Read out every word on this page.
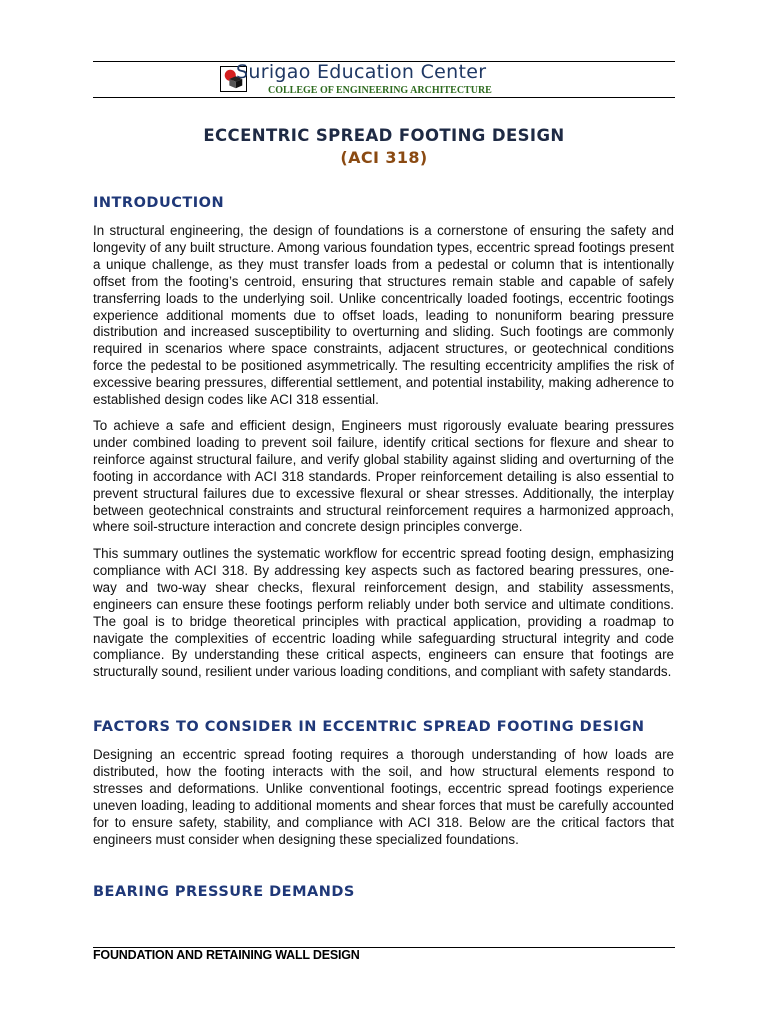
Surigao Education Center
COLLEGE OF ENGINEERING ARCHITECTURE
ECCENTRIC SPREAD FOOTING DESIGN
(ACI 318)
INTRODUCTION

In structural engineering, the design of foundations is a cornerstone of ensuring the safety and longevity of any built structure. Among various foundation types, eccentric spread footings present a unique challenge, as they must transfer loads from a pedestal or column that is intentionally offset from the footing’s centroid, ensuring that structures remain stable and capable of safely transferring loads to the underlying soil. Unlike concentrically loaded footings, eccentric footings experience additional moments due to offset loads, leading to nonuniform bearing pressure distribution and increased susceptibility to overturning and sliding. Such footings are commonly required in scenarios where space constraints, adjacent structures, or geotechnical conditions force the pedestal to be positioned asymmetrically. The resulting eccentricity amplifies the risk of excessive bearing pressures, differential settlement, and potential instability, making adherence to established design codes like ACI 318 essential.

To achieve a safe and efficient design, Engineers must rigorously evaluate bearing pressures under combined loading to prevent soil failure, identify critical sections for flexure and shear to reinforce against structural failure, and verify global stability against sliding and overturning of the footing in accordance with ACI 318 standards. Proper reinforcement detailing is also essential to prevent structural failures due to excessive flexural or shear stresses. Additionally, the interplay between geotechnical constraints and structural reinforcement requires a harmonized approach, where soil-structure interaction and concrete design principles converge.

This summary outlines the systematic workflow for eccentric spread footing design, emphasizing compliance with ACI 318. By addressing key aspects such as factored bearing pressures, one-way and two-way shear checks, flexural reinforcement design, and stability assessments, engineers can ensure these footings perform reliably under both service and ultimate conditions. The goal is to bridge theoretical principles with practical application, providing a roadmap to navigate the complexities of eccentric loading while safeguarding structural integrity and code compliance. By understanding these critical aspects, engineers can ensure that footings are structurally sound, resilient under various loading conditions, and compliant with safety standards.

FACTORS TO CONSIDER IN ECCENTRIC SPREAD FOOTING DESIGN

Designing an eccentric spread footing requires a thorough understanding of how loads are distributed, how the footing interacts with the soil, and how structural elements respond to stresses and deformations. Unlike conventional footings, eccentric spread footings experience uneven loading, leading to additional moments and shear forces that must be carefully accounted for to ensure safety, stability, and compliance with ACI 318. Below are the critical factors that engineers must consider when designing these specialized foundations.

BEARING PRESSURE DEMANDS
FOUNDATION AND RETAINING WALL DESIGN
